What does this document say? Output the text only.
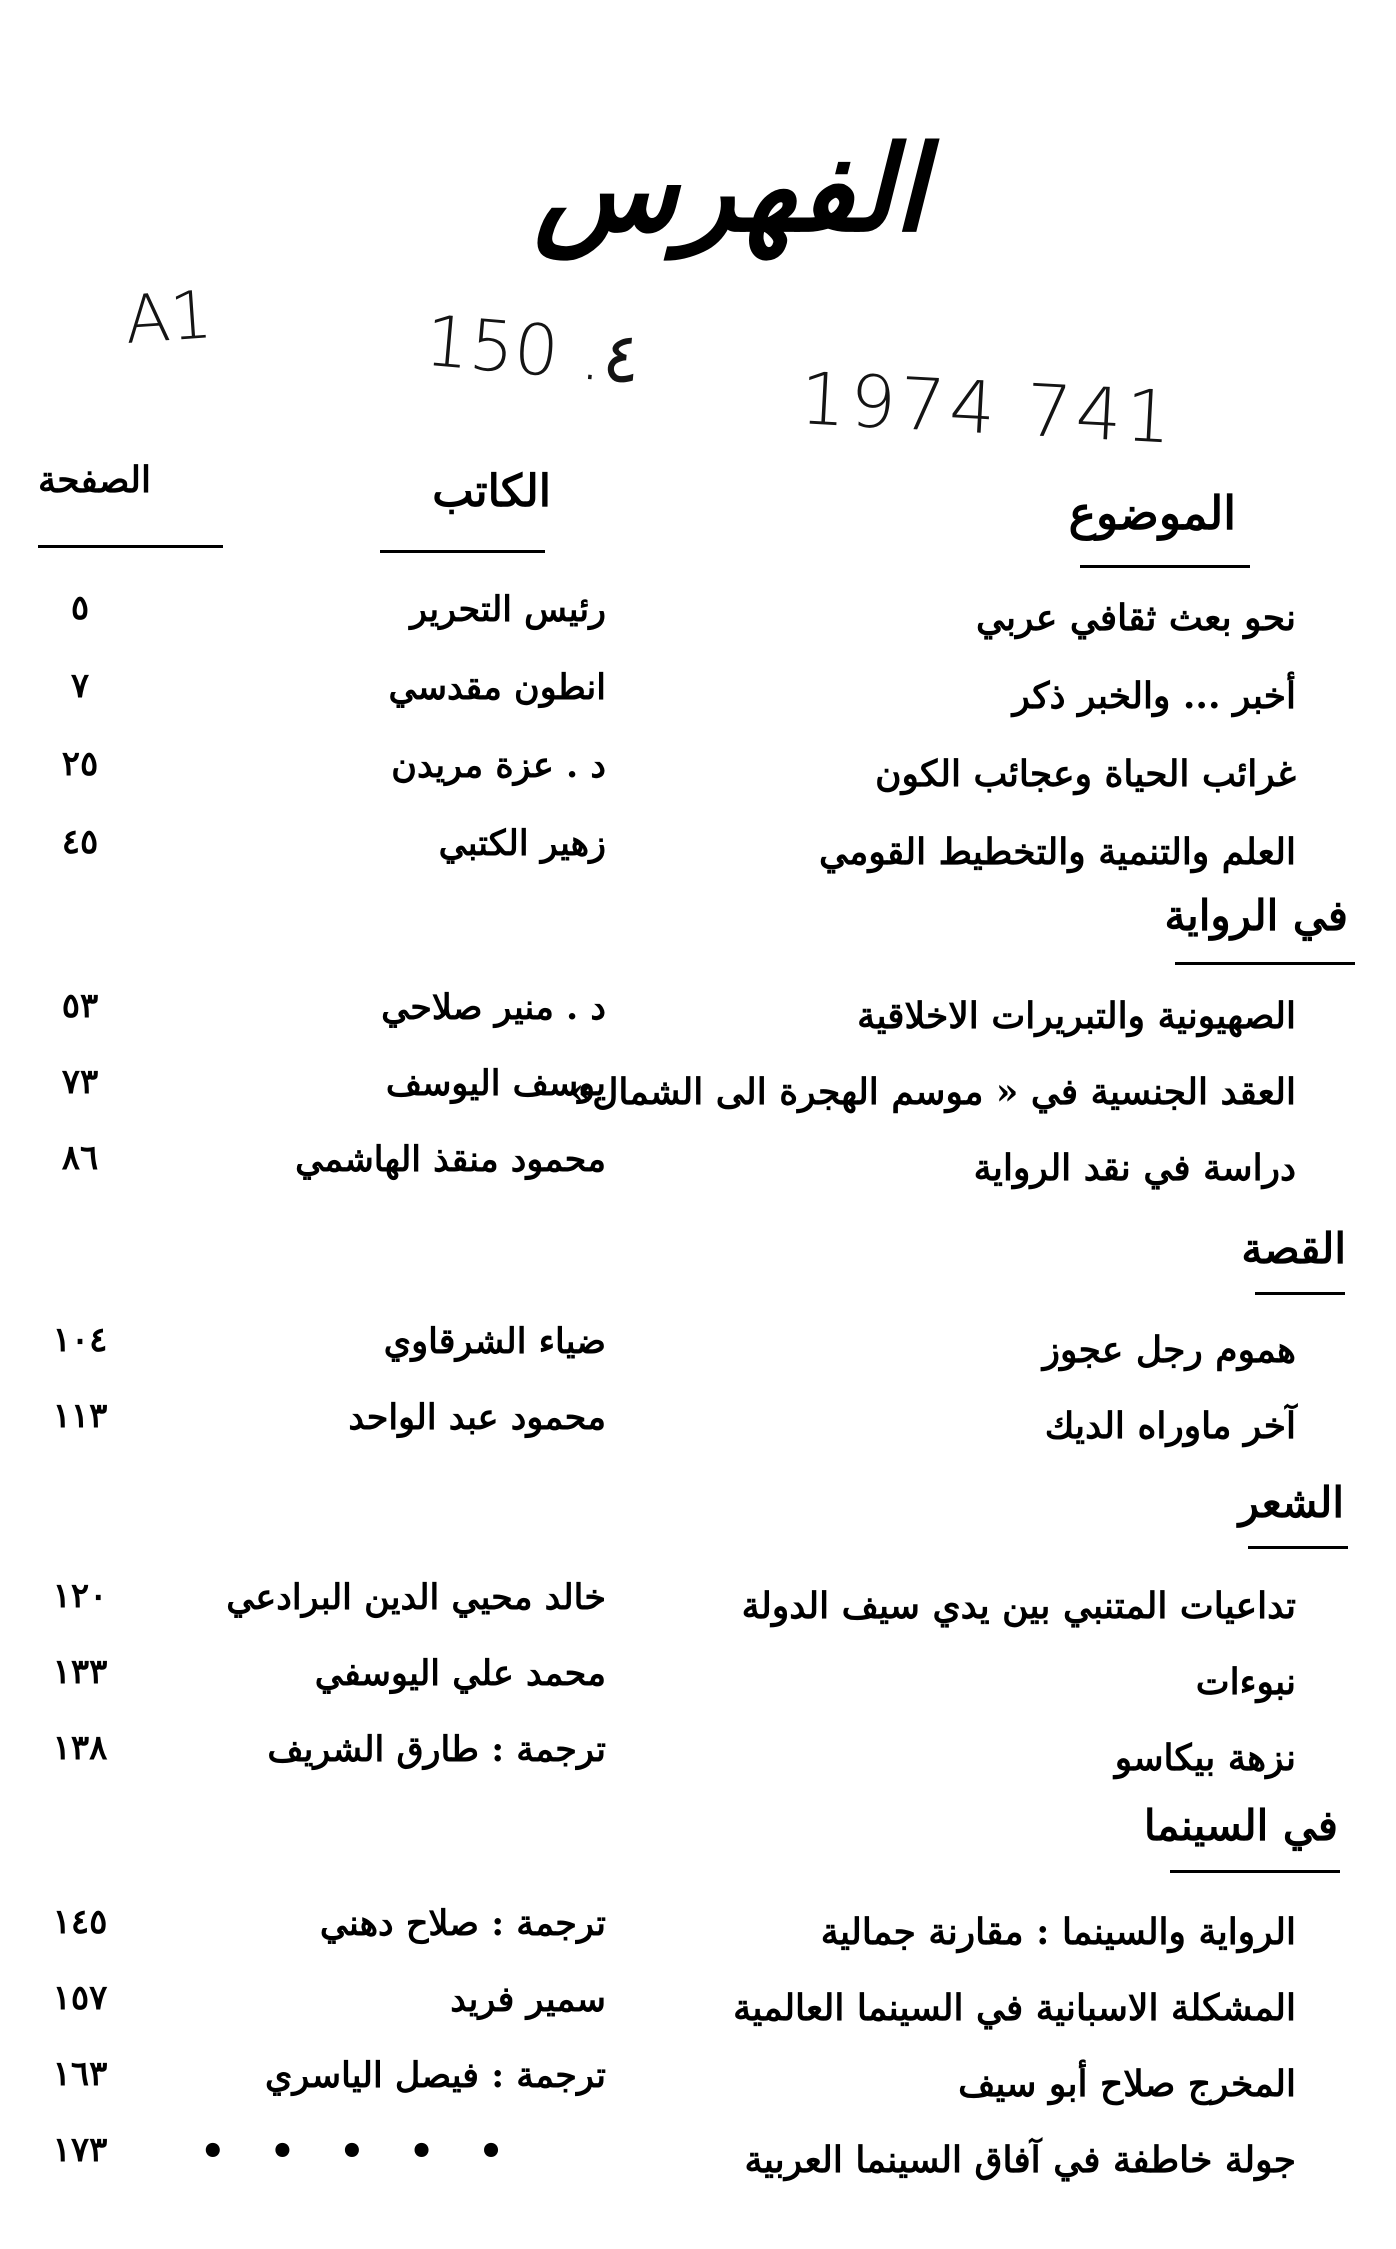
الفهرس
A1	150 .٤ 1974 741
الموضوع
الكاتب
الصفحة
نحو بعث ثقافي عربي
رئيس التحرير
٥
أخبر ... والخبر ذكر
انطون مقدسي
٧
غرائب الحياة وعجائب الكون
د . عزة مريدن
٢٥
العلم والتنمية والتخطيط القومي
زهير الكتبي
٤٥
في الرواية
الصهيونية والتبريرات الاخلاقية
د . منير صلاحي
٥٣
العقد الجنسية في « موسم الهجرة الى الشمال»
يوسف اليوسف
٧٣
دراسة في نقد الرواية
محمود منقذ الهاشمي
٨٦
القصة
هموم رجل عجوز
ضياء الشرقاوي
١٠٤
آخر ماوراه الديك
محمود عبد الواحد
١١٣
الشعر
تداعيات المتنبي بين يدي سيف الدولة
خالد محيي الدين البرادعي
١٢٠
نبوءات
محمد علي اليوسفي
١٣٣
نزهة بيكاسو
ترجمة : طارق الشريف
١٣٨
في السينما
الرواية والسينما : مقارنة جمالية
ترجمة : صلاح دهني
١٤٥
المشكلة الاسبانية في السينما العالمية
سمير فريد
١٥٧
المخرج صلاح أبو سيف
ترجمة : فيصل الياسري
١٦٣
جولة خاطفة في آفاق السينما العربية
•••••
١٧٣
